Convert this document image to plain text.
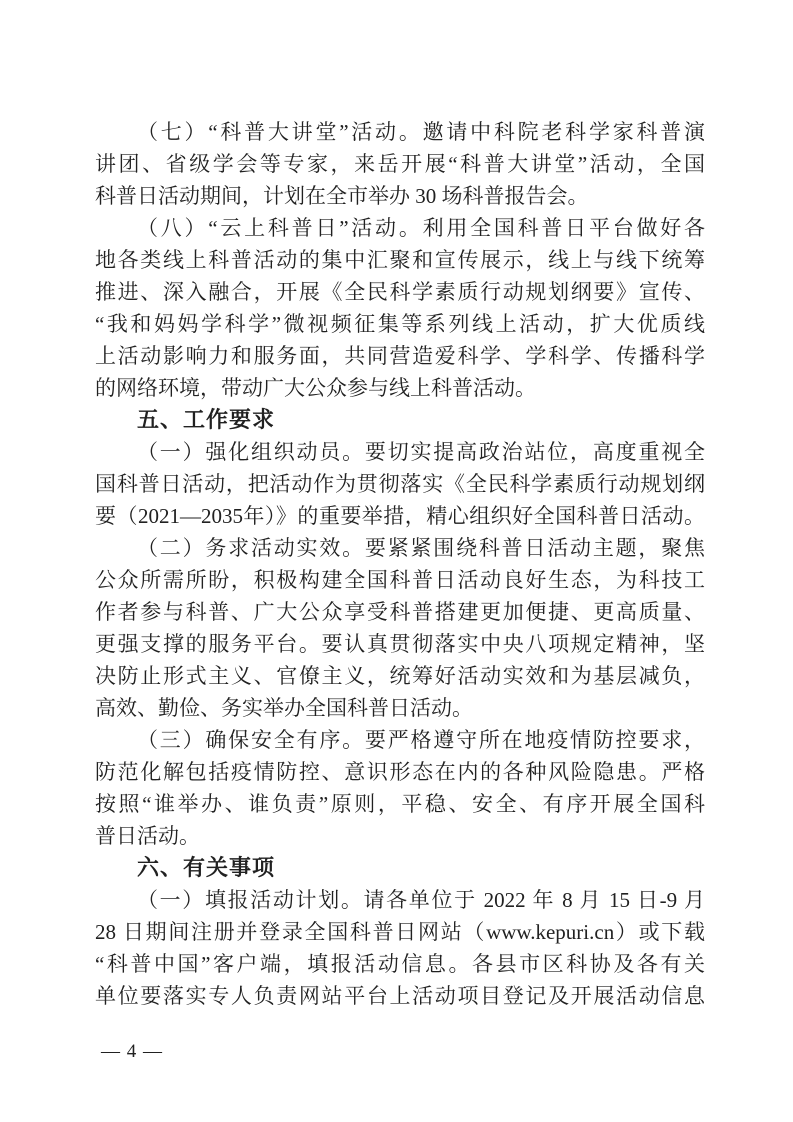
（七）“科普大讲堂”活动。邀请中科院老科学家科普演
讲团、省级学会等专家，来岳开展“科普大讲堂”活动，全国
科普日活动期间，计划在全市举办 30 场科普报告会。
（八）“云上科普日”活动。利用全国科普日平台做好各
地各类线上科普活动的集中汇聚和宣传展示，线上与线下统筹
推进、深入融合，开展《全民科学素质行动规划纲要》宣传、
“我和妈妈学科学”微视频征集等系列线上活动，扩大优质线
上活动影响力和服务面，共同营造爱科学、学科学、传播科学
的网络环境，带动广大公众参与线上科普活动。
五、工作要求
（一）强化组织动员。要切实提高政治站位，高度重视全
国科普日活动，把活动作为贯彻落实《全民科学素质行动规划纲
要（2021—2035年）》的重要举措，精心组织好全国科普日活动。
（二）务求活动实效。要紧紧围绕科普日活动主题，聚焦
公众所需所盼，积极构建全国科普日活动良好生态，为科技工
作者参与科普、广大公众享受科普搭建更加便捷、更高质量、
更强支撑的服务平台。要认真贯彻落实中央八项规定精神，坚
决防止形式主义、官僚主义，统筹好活动实效和为基层减负，
高效、勤俭、务实举办全国科普日活动。
（三）确保安全有序。要严格遵守所在地疫情防控要求，
防范化解包括疫情防控、意识形态在内的各种风险隐患。严格
按照“谁举办、谁负责”原则，平稳、安全、有序开展全国科
普日活动。
六、有关事项
（一）填报活动计划。请各单位于 2022 年 8 月 15 日-9 月
28 日期间注册并登录全国科普日网站（www.kepuri.cn）或下载
“科普中国”客户端，填报活动信息。各县市区科协及各有关
单位要落实专人负责网站平台上活动项目登记及开展活动信息
— 4 —
